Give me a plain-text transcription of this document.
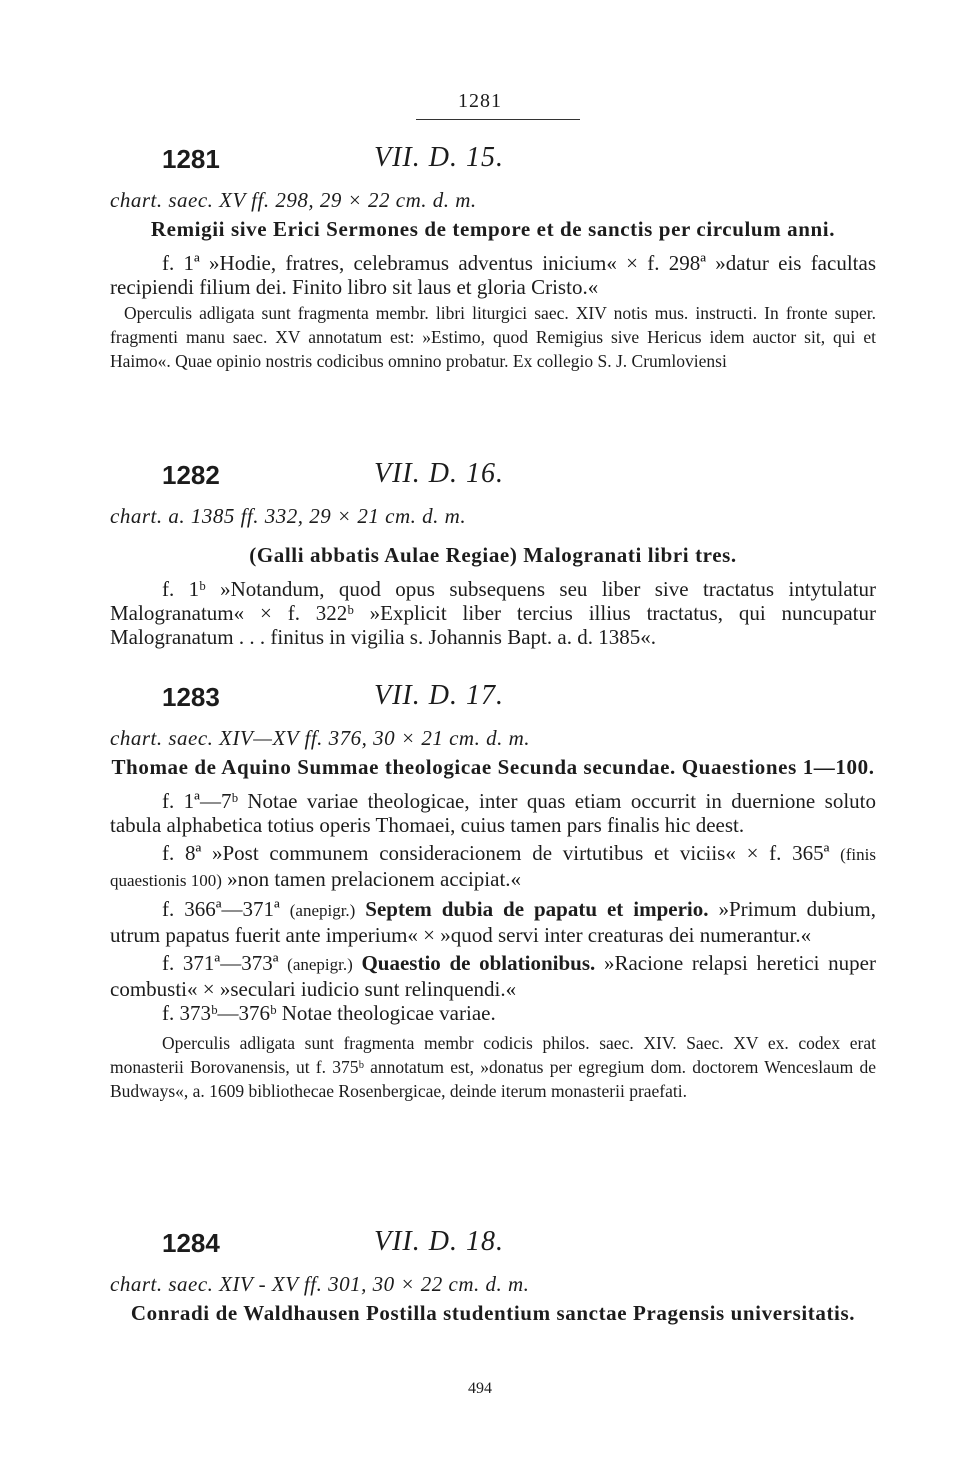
1281
1281	VII. D. 15.
chart. saec. XV ff. 298, 29 × 22 cm. d. m.
Remigii sive Erici Sermones de tempore et de sanctis per circulum anni.

f. 1ª »Hodie, fratres, celebramus adventus inicium« × f. 298ª »datur eis facultas recipiendi filium dei. Finito libro sit laus et gloria Cristo.«

Operculis adligata sunt fragmenta membr. libri liturgici saec. XIV notis mus. instructi. In fronte super. fragmenti manu saec. XV annotatum est: »Estimo, quod Remigius sive Hericus idem auctor sit, qui et Haimo«. Quae opinio nostris codicibus omnino probatur. Ex collegio S. J. Crumloviensi

1282	VII. D. 16.
chart. a. 1385 ff. 332, 29 × 21 cm. d. m.
(Galli abbatis Aulae Regiae) Malogranati libri tres.

f. 1ᵇ »Notandum, quod opus subsequens seu liber sive tractatus intytulatur Malogranatum« × f. 322ᵇ »Explicit liber tercius illius tractatus, qui nuncupatur Malogranatum . . . finitus in vigilia s. Johannis Bapt. a. d. 1385«.

1283	VII. D. 17.
chart. saec. XIV—XV ff. 376, 30 × 21 cm. d. m.
Thomae de Aquino Summae theologicae Secunda secundae. Quaestiones 1—100.

f. 1ª—7ᵇ Notae variae theologicae, inter quas etiam occurrit in duernione soluto tabula alphabetica totius operis Thomaei, cuius tamen pars finalis hic deest.

f. 8ª »Post communem consideracionem de virtutibus et viciis« × f. 365ª (finis quaestionis 100) »non tamen prelacionem accipiat.«

f. 366ª—371ª (anepigr.) Septem dubia de papatu et imperio. »Primum dubium, utrum papatus fuerit ante imperium« × »quod servi inter creaturas dei numerantur.«

f. 371ª—373ª (anepigr.) Quaestio de oblationibus. »Racione relapsi heretici nuper combusti« × »seculari iudicio sunt relinquendi.«

f. 373ᵇ—376ᵇ Notae theologicae variae.

Operculis adligata sunt fragmenta membr codicis philos. saec. XIV. Saec. XV ex. codex erat monasterii Borovanensis, ut f. 375ᵇ annotatum est, »donatus per egregium dom. doctorem Wenceslaum de Budways«, a. 1609 bibliothecae Rosenbergicae, deinde iterum monasterii praefati.

1284	VII. D. 18.
chart. saec. XIV - XV ff. 301, 30 × 22 cm. d. m.
Conradi de Waldhausen Postilla studentium sanctae Pragensis universitatis.
494
